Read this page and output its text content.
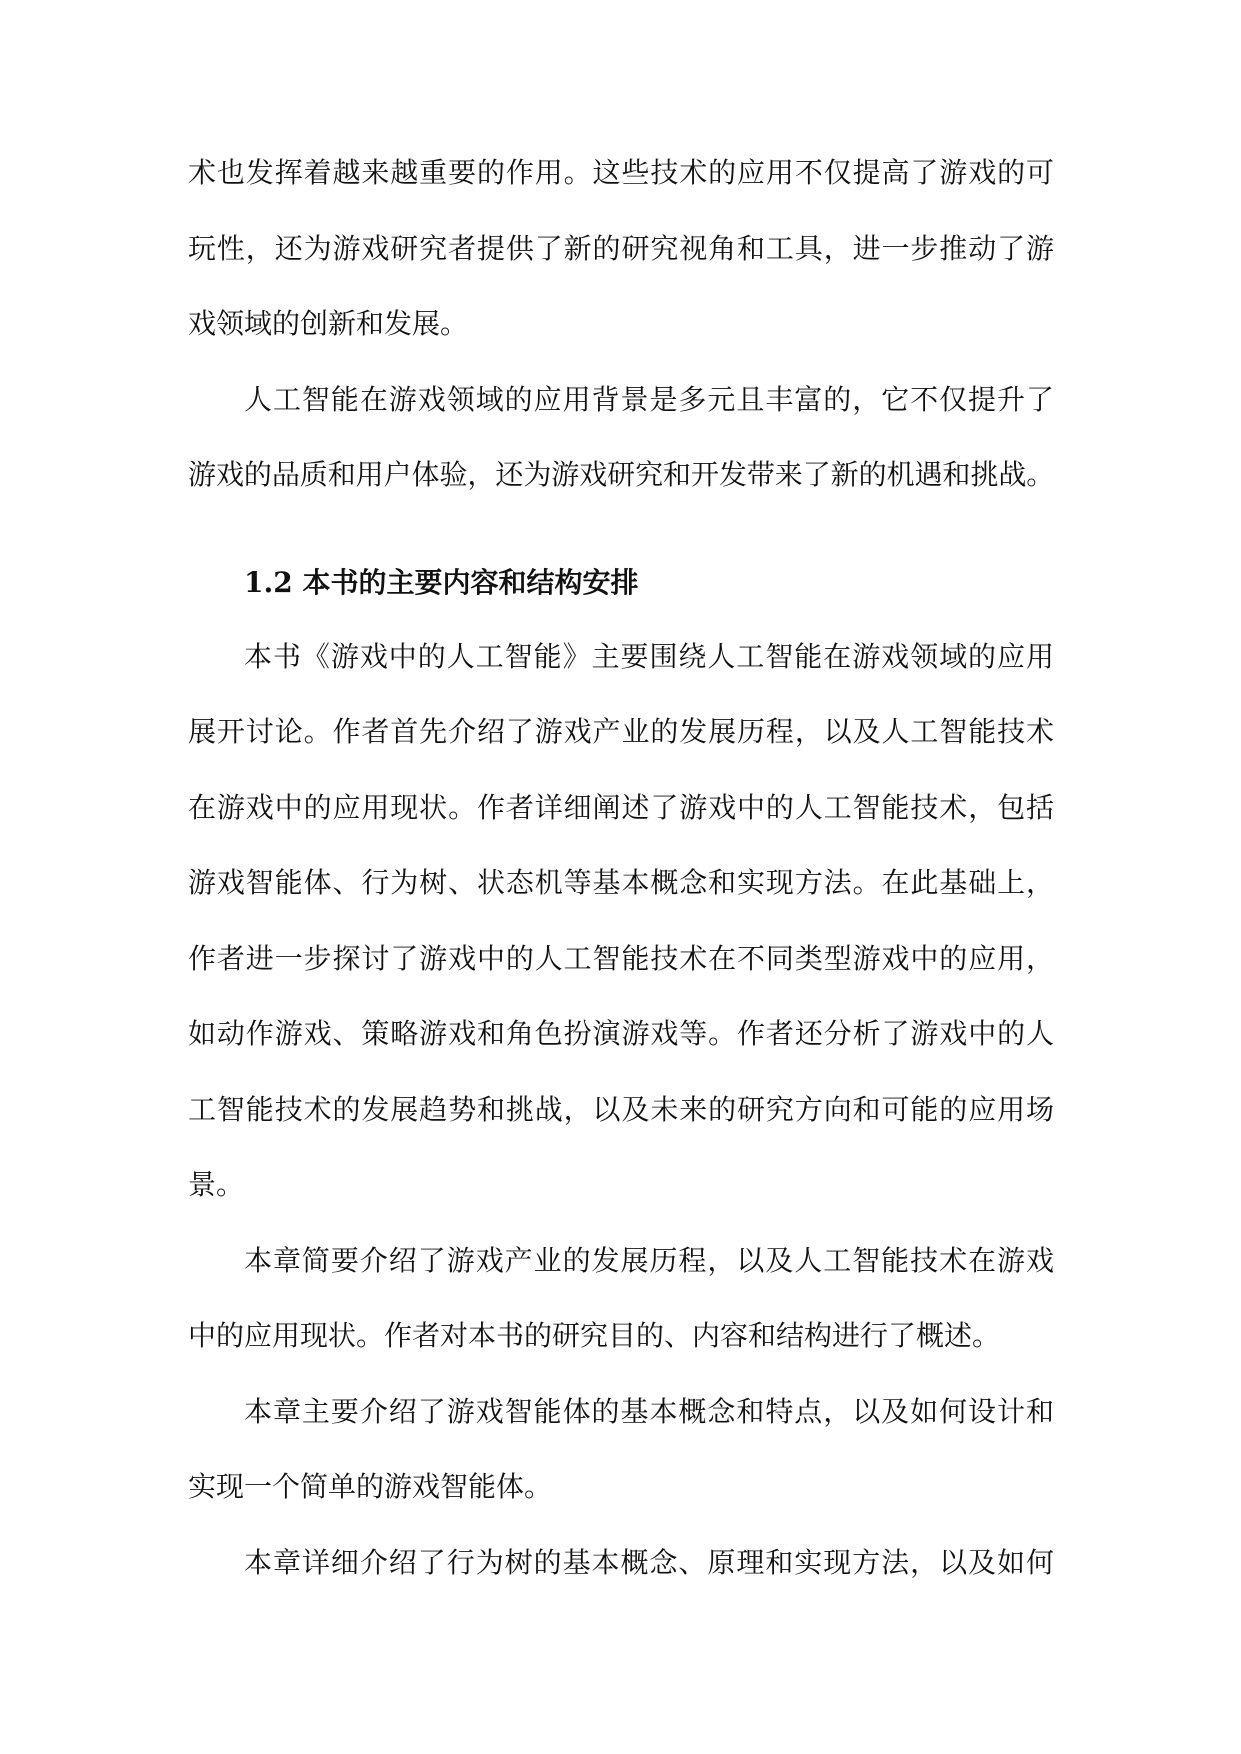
术也发挥着越来越重要的作用。这些技术的应用不仅提高了游戏的可
玩性，还为游戏研究者提供了新的研究视角和工具，进一步推动了游
戏领域的创新和发展。
人工智能在游戏领域的应用背景是多元且丰富的，它不仅提升了
游戏的品质和用户体验，还为游戏研究和开发带来了新的机遇和挑战。
1.2 本书的主要内容和结构安排
本书《游戏中的人工智能》主要围绕人工智能在游戏领域的应用
展开讨论。作者首先介绍了游戏产业的发展历程，以及人工智能技术
在游戏中的应用现状。作者详细阐述了游戏中的人工智能技术，包括
游戏智能体、行为树、状态机等基本概念和实现方法。在此基础上，
作者进一步探讨了游戏中的人工智能技术在不同类型游戏中的应用，
如动作游戏、策略游戏和角色扮演游戏等。作者还分析了游戏中的人
工智能技术的发展趋势和挑战，以及未来的研究方向和可能的应用场
景。
本章简要介绍了游戏产业的发展历程，以及人工智能技术在游戏
中的应用现状。作者对本书的研究目的、内容和结构进行了概述。
本章主要介绍了游戏智能体的基本概念和特点，以及如何设计和
实现一个简单的游戏智能体。
本章详细介绍了行为树的基本概念、原理和实现方法，以及如何
